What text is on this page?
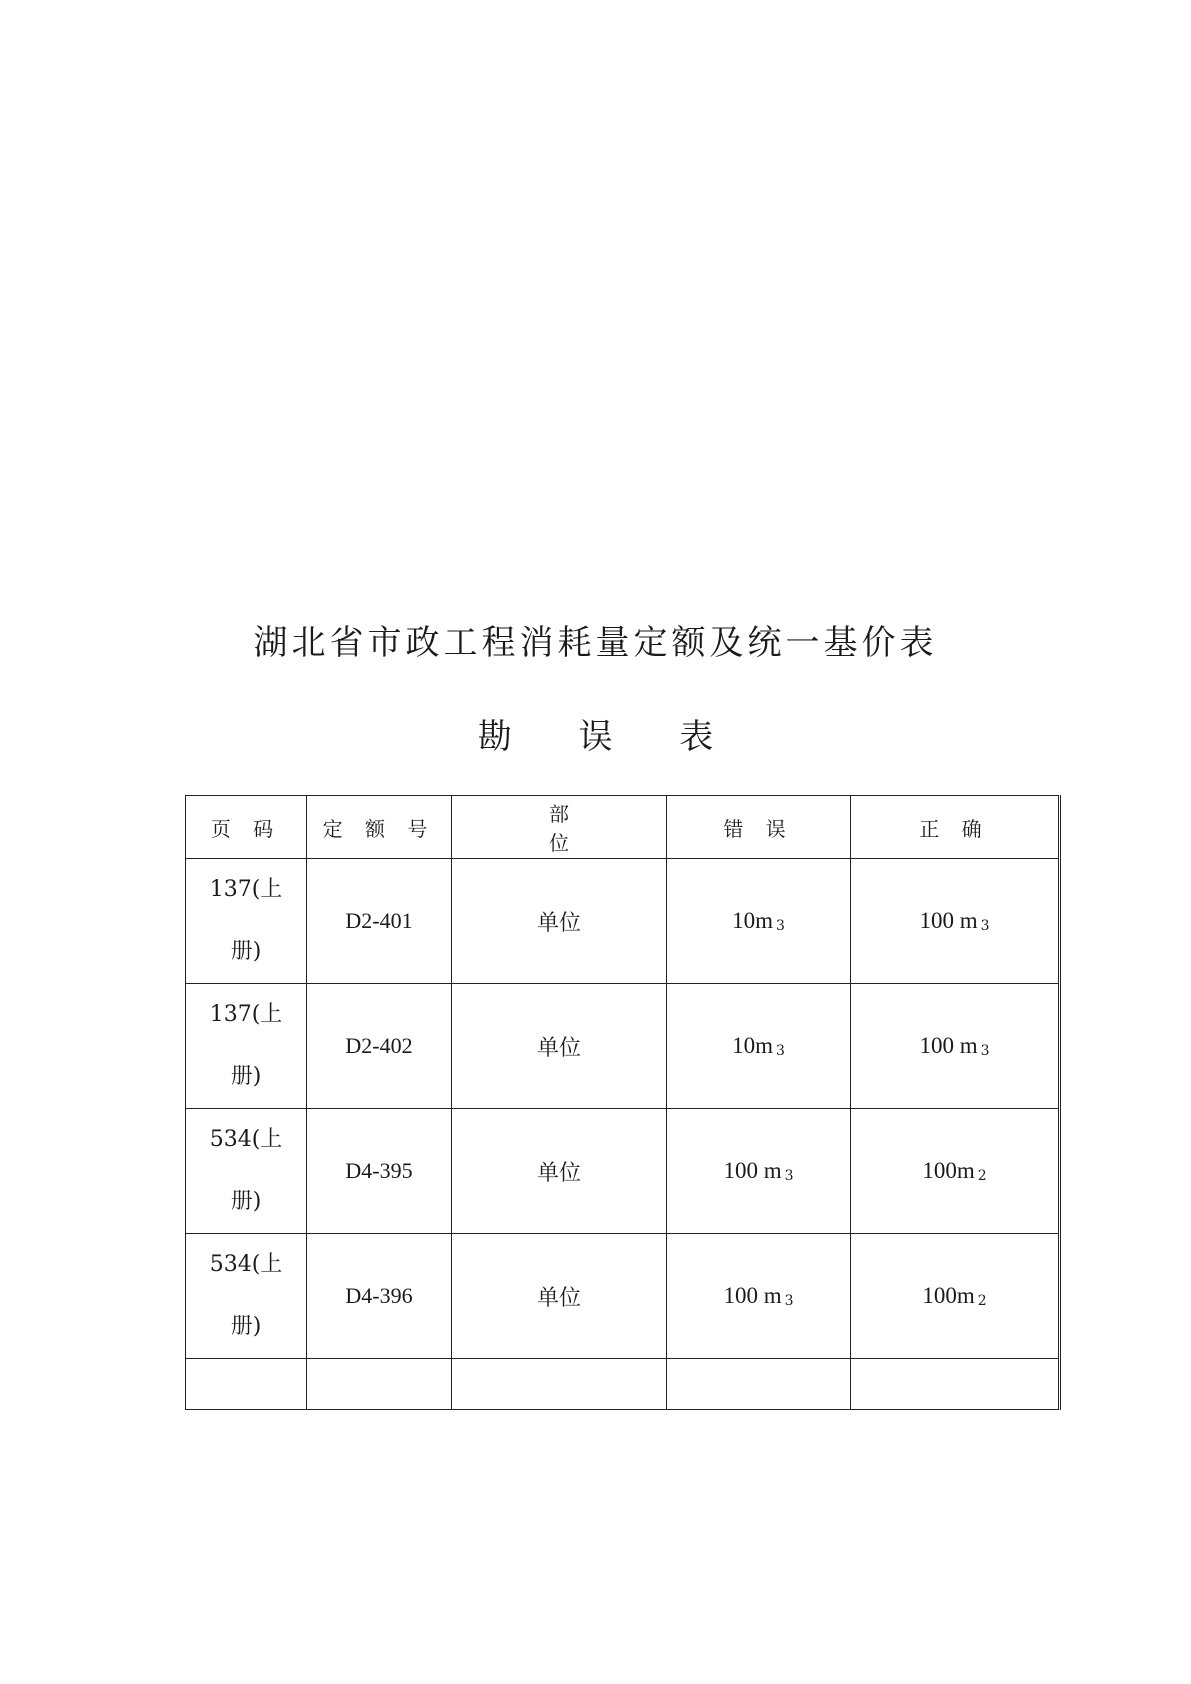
湖北省市政工程消耗量定额及统一基价表
勘 误 表
页 码	定 额 号	部 位	错 误	正 确

137(上
册)	D2-401	单位	10m 3	100 m 3

137(上
册)	D2-402	单位	10m 3	100 m 3

534(上
册)	D4-395	单位	100 m 3	100m 2

534(上
册)	D4-396	单位	100 m 3	100m 2
